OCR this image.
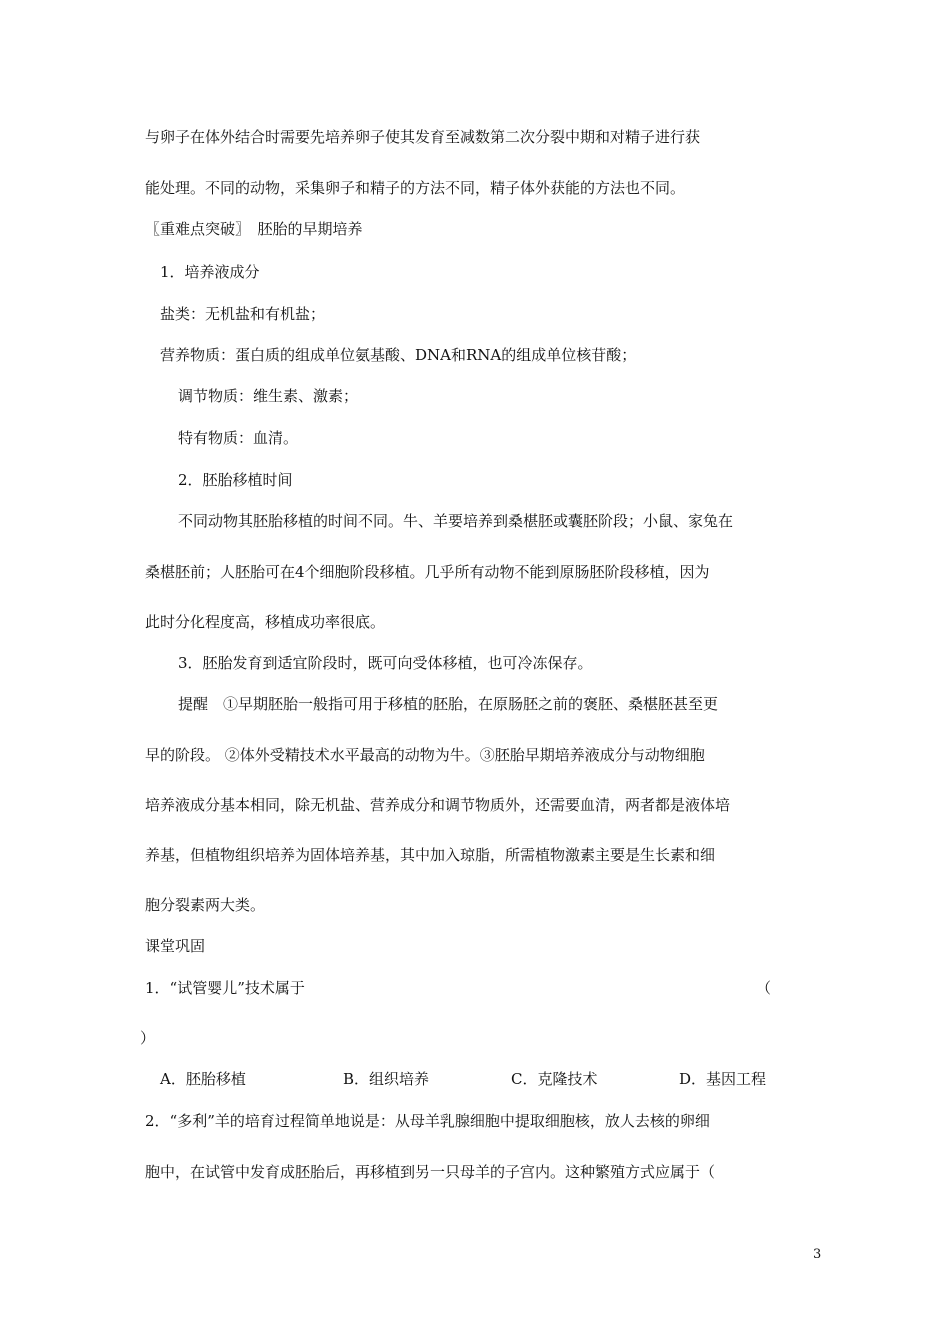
与卵子在体外结合时需要先培养卵子使其发育至减数第二次分裂中期和对精子进行获
能处理。不同的动物，采集卵子和精子的方法不同，精子体外获能的方法也不同。
〖重难点突破〗　胚胎的早期培养
1．培养液成分
盐类：无机盐和有机盐；
营养物质：蛋白质的组成单位氨基酸、DNA和RNA的组成单位核苷酸；
调节物质：维生素、激素；
特有物质：血清。
2．胚胎移植时间
不同动物其胚胎移植的时间不同。牛、羊要培养到桑椹胚或囊胚阶段；小鼠、家兔在
桑椹胚前；人胚胎可在4个细胞阶段移植。几乎所有动物不能到原肠胚阶段移植，因为
此时分化程度高，移植成功率很底。
3．胚胎发育到适宜阶段时，既可向受体移植，也可冷冻保存。
提醒　①早期胚胎一般指可用于移植的胚胎，在原肠胚之前的褒胚、桑椹胚甚至更
早的阶段。 ②体外受精技术水平最高的动物为牛。③胚胎早期培养液成分与动物细胞
培养液成分基本相同，除无机盐、营养成分和调节物质外，还需要血清，两者都是液体培
养基，但植物组织培养为固体培养基，其中加入琼脂，所需植物激素主要是生长素和细
胞分裂素两大类。
课堂巩固
1．“试管婴儿”技术属于	（
）
A．胚胎移植	B．组织培养	C．克隆技术	D．基因工程
2．“多利”羊的培育过程简单地说是：从母羊乳腺细胞中提取细胞核，放人去核的卵细
胞中，在试管中发育成胚胎后，再移植到另一只母羊的子宫内。这种繁殖方式应属于（
3
